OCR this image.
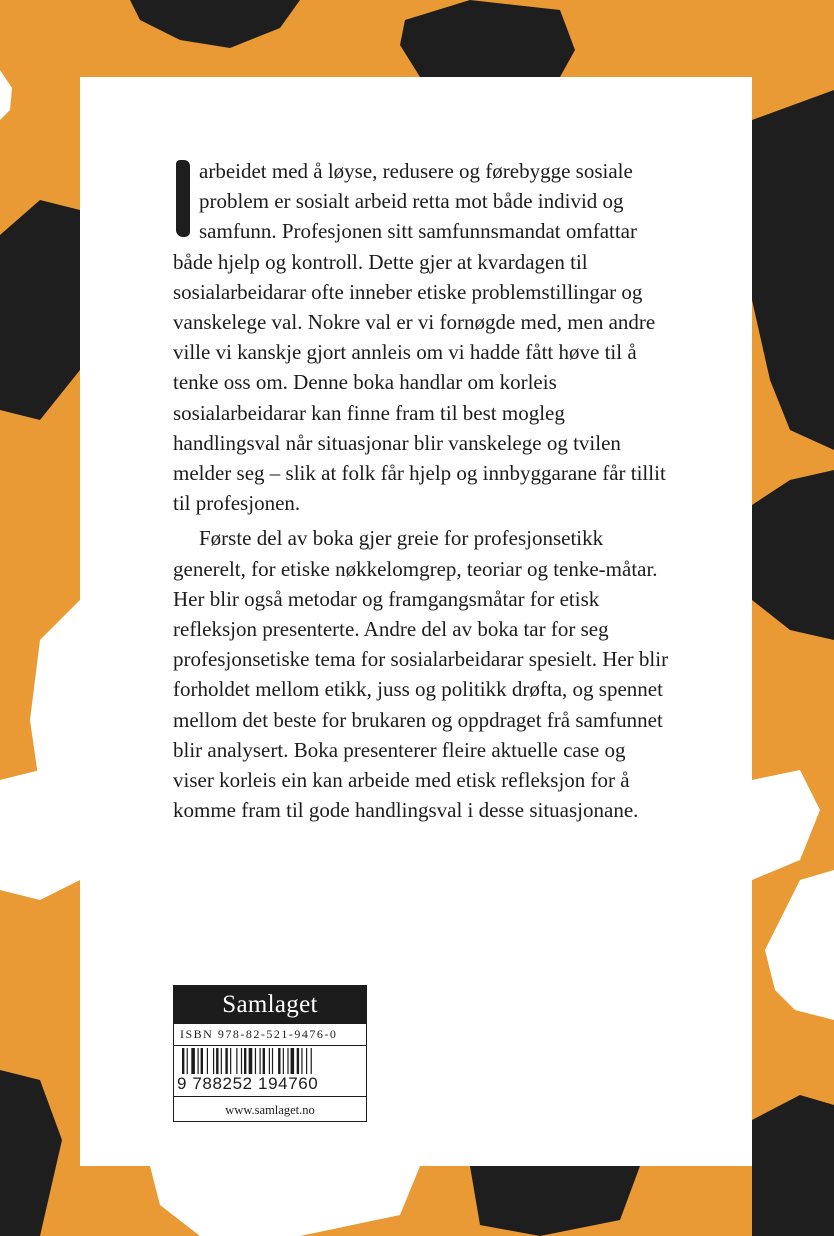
arbeidet med å løyse, redusere og førebygge sosiale problem er sosialt arbeid retta mot både individ og samfunn. Profesjonen sitt samfunnsmandat omfattar både hjelp og kontroll. Dette gjer at kvardagen til sosialarbeidarar ofte inneber etiske problemstillingar og vanskelege val. Nokre val er vi fornøgde med, men andre ville vi kanskje gjort annleis om vi hadde fått høve til å tenke oss om. Denne boka handlar om korleis sosialarbeidarar kan finne fram til best mogleg handlingsval når situasjonar blir vanskelege og tvilen melder seg – slik at folk får hjelp og innbyggarane får tillit til profesjonen.

Første del av boka gjer greie for profesjonsetikk generelt, for etiske nøkkelomgrep, teoriar og tenke-måtar. Her blir også metodar og framgangsmåtar for etisk refleksjon presenterte. Andre del av boka tar for seg profesjonsetiske tema for sosialarbeidarar spesielt. Her blir forholdet mellom etikk, juss og politikk drøfta, og spennet mellom det beste for brukaren og oppdraget frå samfunnet blir analysert. Boka presenterer fleire aktuelle case og viser korleis ein kan arbeide med etisk refleksjon for å komme fram til gode handlingsval i desse situasjonane.

Samlaget
ISBN 978-82-521-9476-0
9 788252 194760
www.samlaget.no
